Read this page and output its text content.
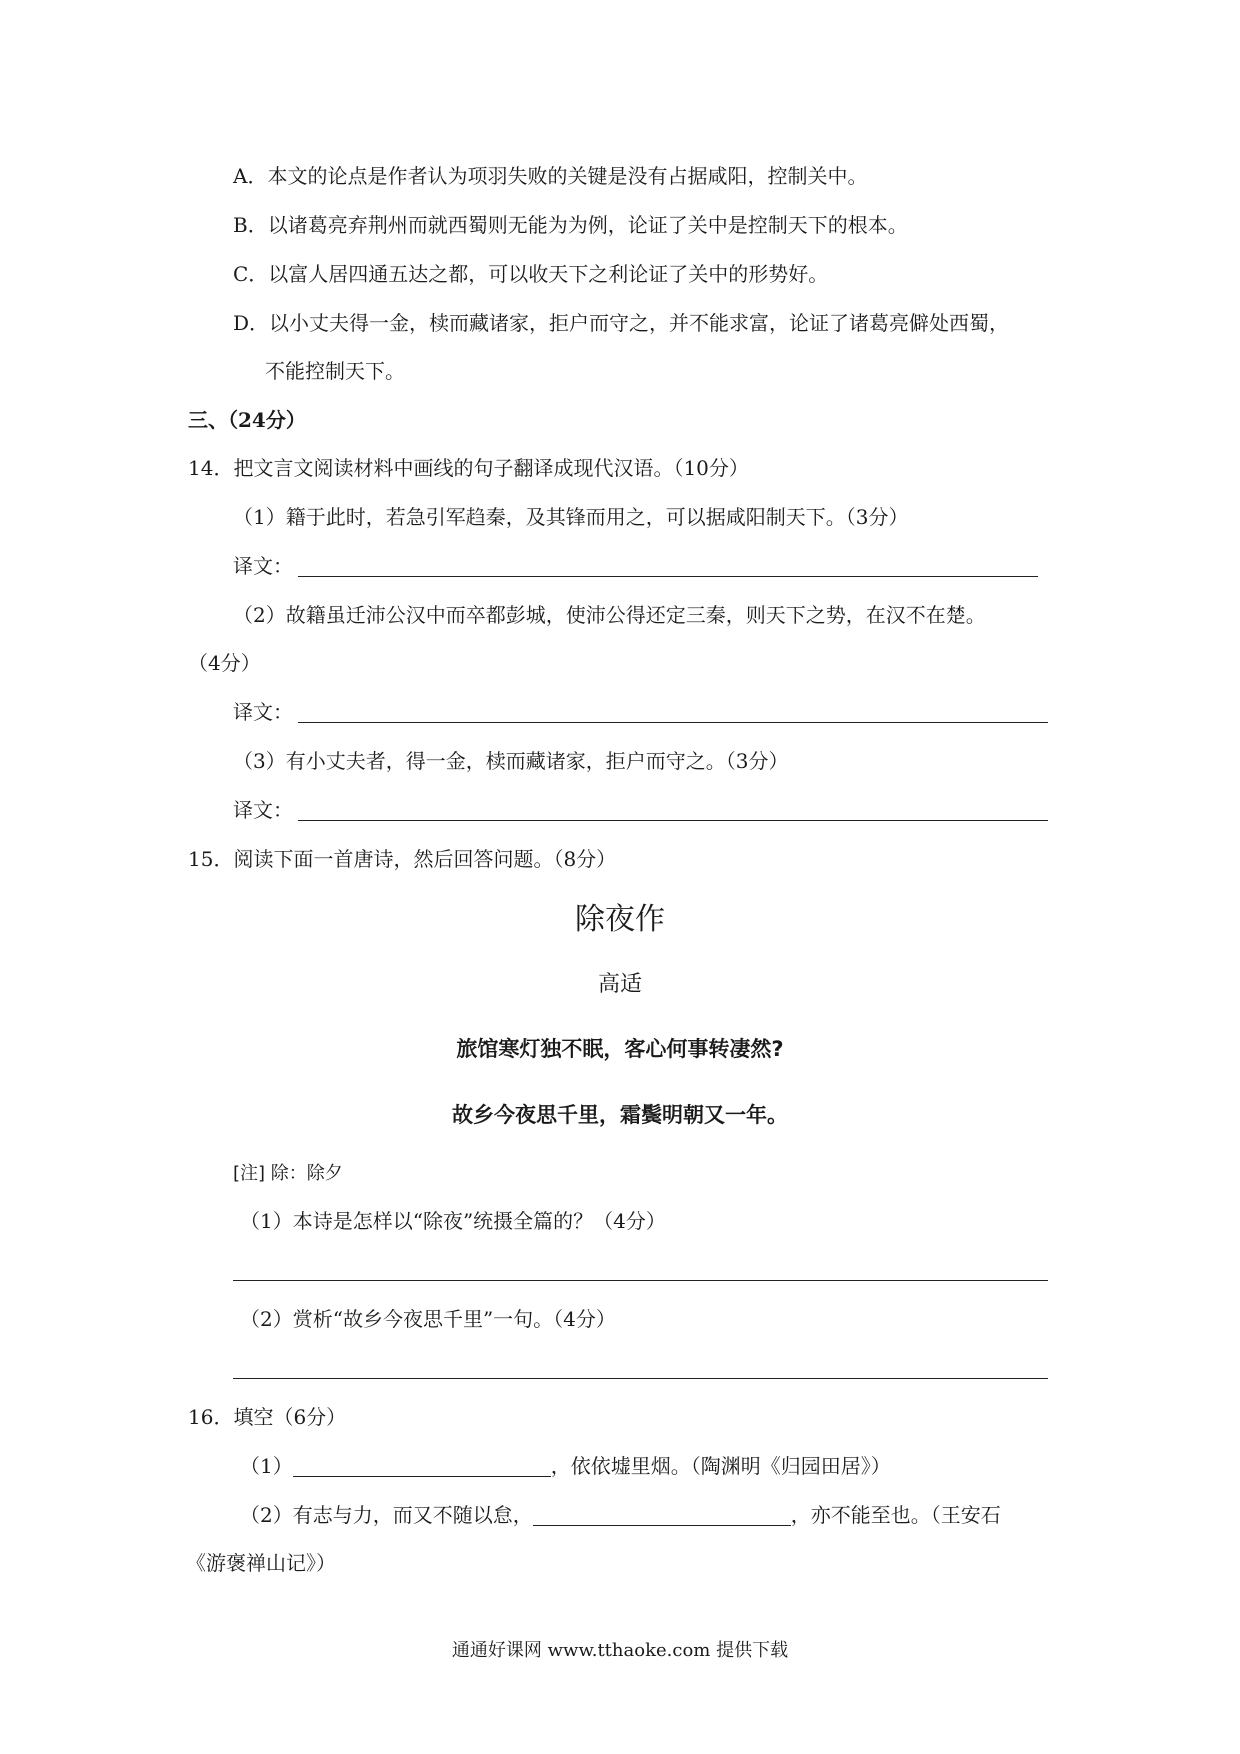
A．本文的论点是作者认为项羽失败的关键是没有占据咸阳，控制关中。
B．以诸葛亮弃荆州而就西蜀则无能为为例，论证了关中是控制天下的根本。
C．以富人居四通五达之都，可以收天下之利论证了关中的形势好。
D．以小丈夫得一金，椟而藏诸家，拒户而守之，并不能求富，论证了诸葛亮僻处西蜀，
不能控制天下。
三、（24分）
14．把文言文阅读材料中画线的句子翻译成现代汉语。（10分）
（1）籍于此时，若急引军趋秦，及其锋而用之，可以据咸阳制天下。（3分）
译文：
（2）故籍虽迁沛公汉中而卒都彭城，使沛公得还定三秦，则天下之势，在汉不在楚。
（4分）
译文：
（3）有小丈夫者，得一金，椟而藏诸家，拒户而守之。（3分）
译文：
15．阅读下面一首唐诗，然后回答问题。（8分）
除夜作
高适
旅馆寒灯独不眠，客心何事转凄然?
故乡今夜思千里，霜鬓明朝又一年。
[注] 除：除夕
（1）本诗是怎样以“除夜”统摄全篇的？（4分）
（2）赏析“故乡今夜思千里”一句。（4分）
16．填空（6分）
（1）	，依依墟里烟。（陶渊明《归园田居》）
（2）有志与力，而又不随以怠，	，亦不能至也。（王安石
《游褒禅山记》）
通通好课网 www.tthaoke.com 提供下载
